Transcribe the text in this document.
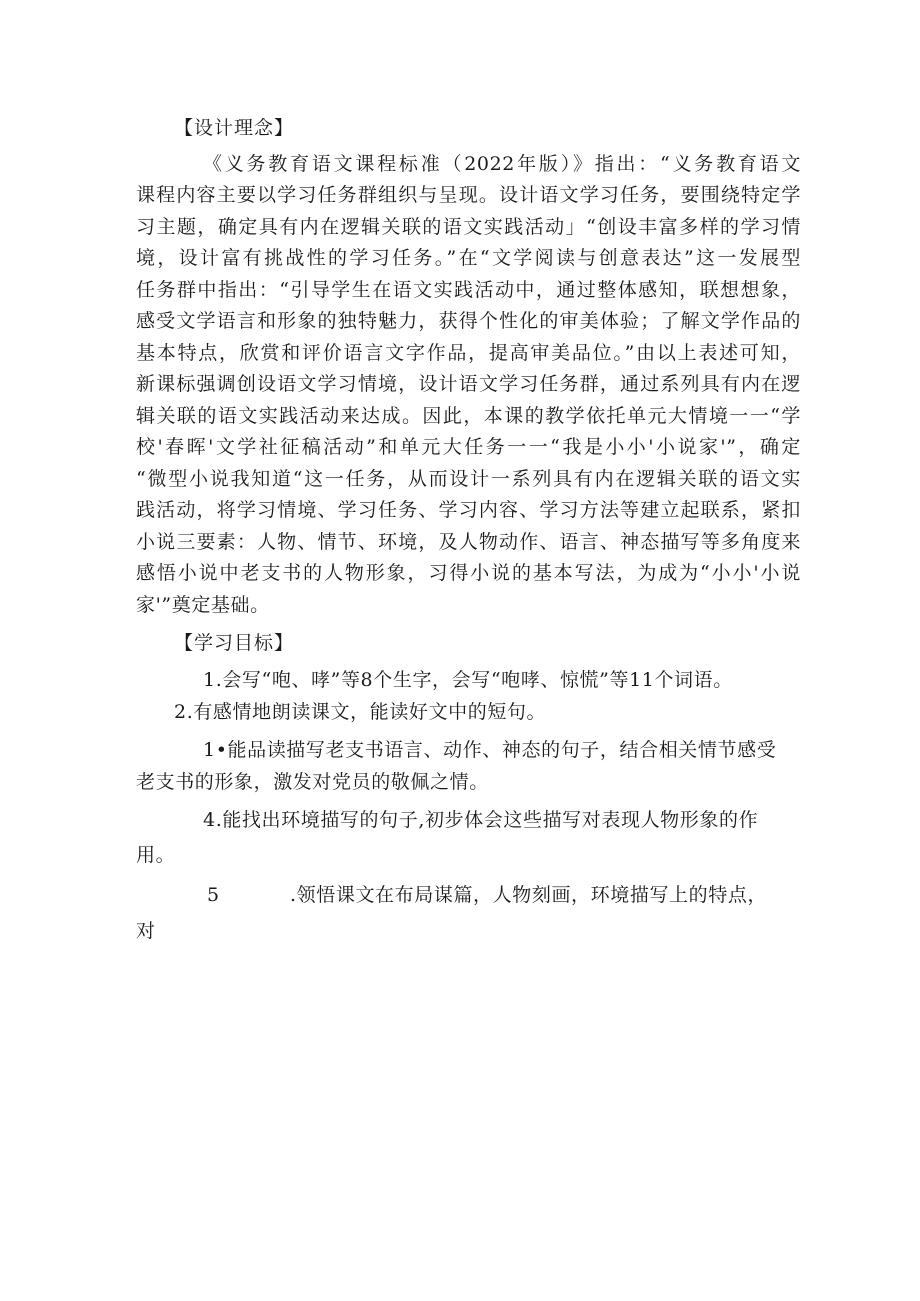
【设计理念】
《义务教育语文课程标准（2022年版）》指出：“义务教育语文
课程内容主要以学习任务群组织与呈现。设计语文学习任务，要围绕特定学
习主题，确定具有内在逻辑关联的语文实践活动」“创设丰富多样的学习情
境，设计富有挑战性的学习任务。”在“文学阅读与创意表达”这一发展型
任务群中指出：“引导学生在语文实践活动中，通过整体感知，联想想象，
感受文学语言和形象的独特魅力，获得个性化的审美体验；了解文学作品的
基本特点，欣赏和评价语言文字作品，提高审美品位。”由以上表述可知，
新课标强调创设语文学习情境，设计语文学习任务群，通过系列具有内在逻
辑关联的语文实践活动来达成。因此，本课的教学依托单元大情境一一“学
校'春晖'文学社征稿活动”和单元大任务一一“我是小小'小说家'”，确定
“微型小说我知道“这一任务，从而设计一系列具有内在逻辑关联的语文实
践活动，将学习情境、学习任务、学习内容、学习方法等建立起联系，紧扣
小说三要素：人物、情节、环境，及人物动作、语言、神态描写等多角度来
感悟小说中老支书的人物形象，习得小说的基本写法，为成为“小小'小说
家'”奠定基础。
【学习目标】
1.会写“咆、哮”等8个生字，会写“咆哮、惊慌”等11个词语。
2.有感情地朗读课文，能读好文中的短句。
1•能品读描写老支书语言、动作、神态的句子，结合相关情节感受
老支书的形象，激发对党员的敬佩之情。
4.能找出环境描写的句子,初步体会这些描写对表现人物形象的作
用。
5	.领悟课文在布局谋篇，人物刻画，环境描写上的特点，
对
